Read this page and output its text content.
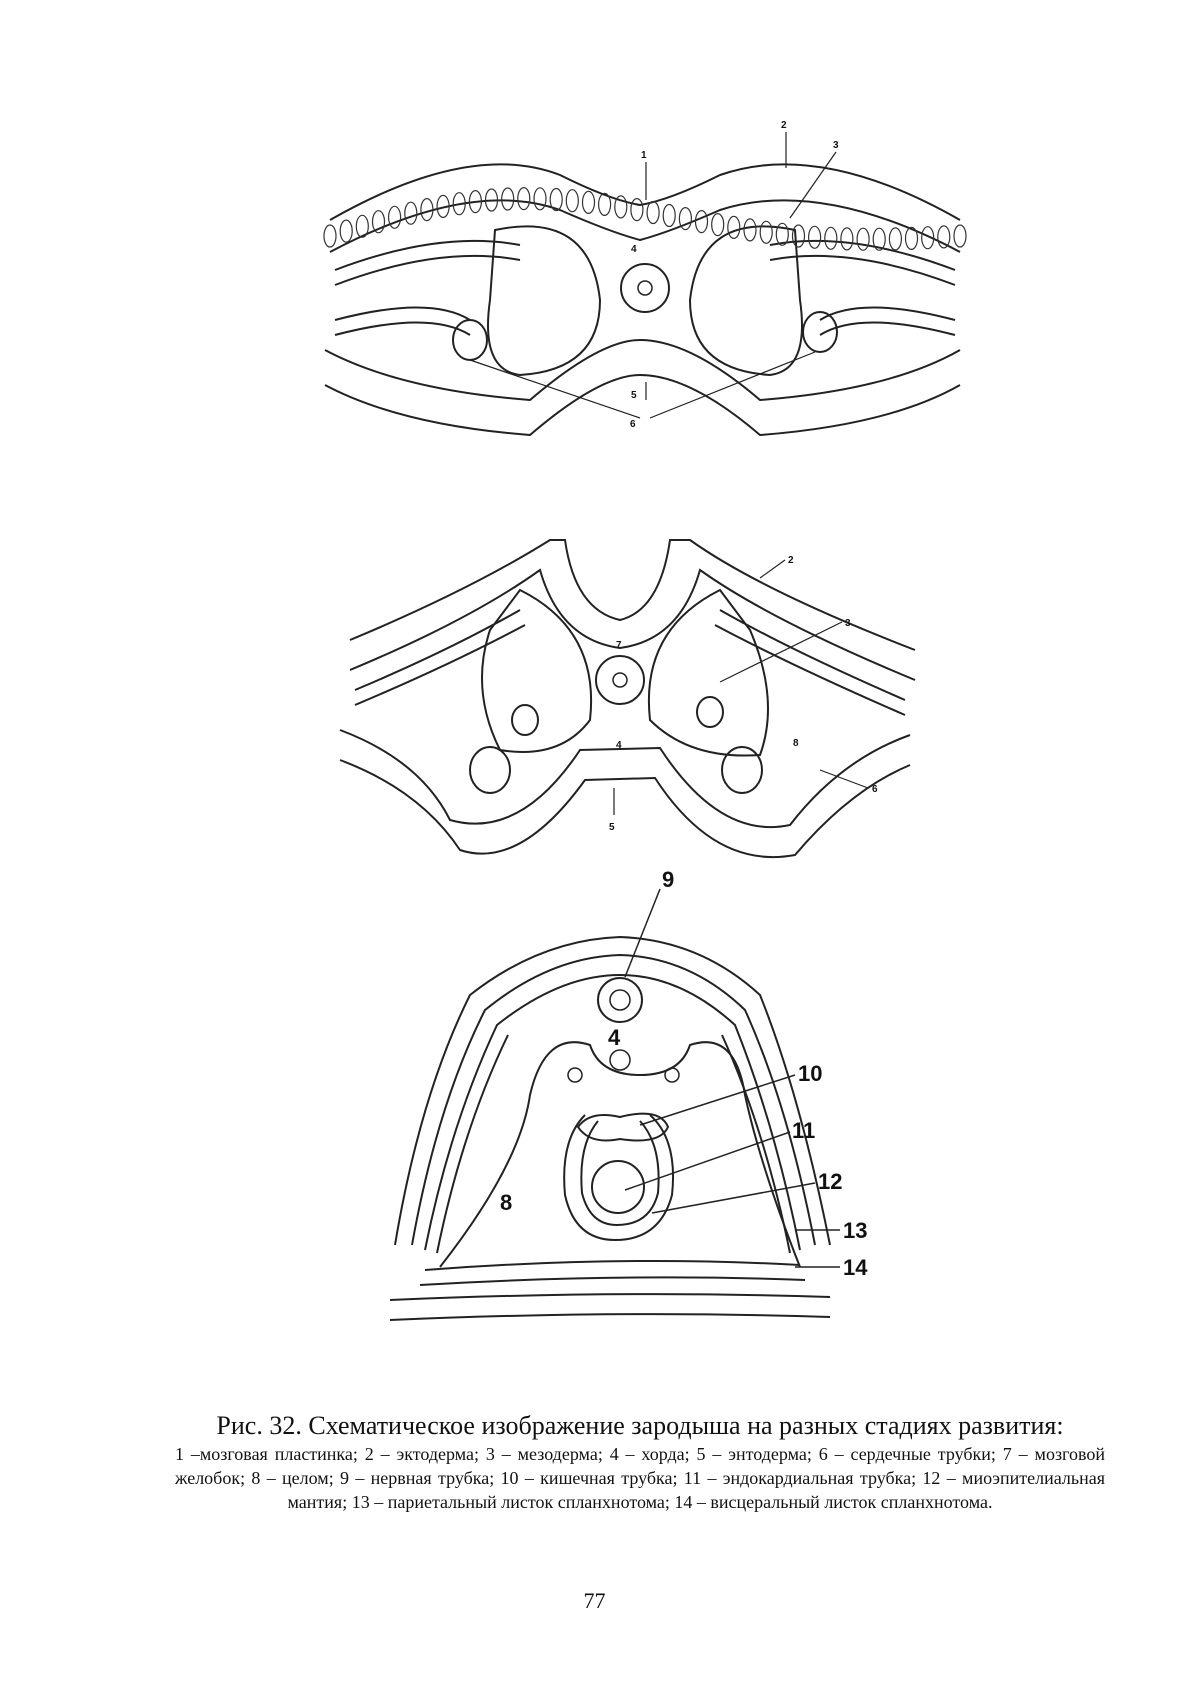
1
2
3
4
5
6
2
7
3
4	8
5
6
9
4
10
11
12
8
13
14
Рис. 32. Схематическое изображение зародыша на разных стадиях развития:
1 –мозговая пластинка; 2 – эктодерма; 3 – мезодерма; 4 – хорда; 5 – энтодерма; 6 – сердечные трубки; 7 – мозговой желобок; 8 – целом; 9 – нервная трубка; 10 – кишечная трубка; 11 – эндокардиальная трубка; 12 – миоэпителиальная мантия; 13 – париетальный листок спланхнотома; 14 – висцеральный листок спланхнотома.
77
